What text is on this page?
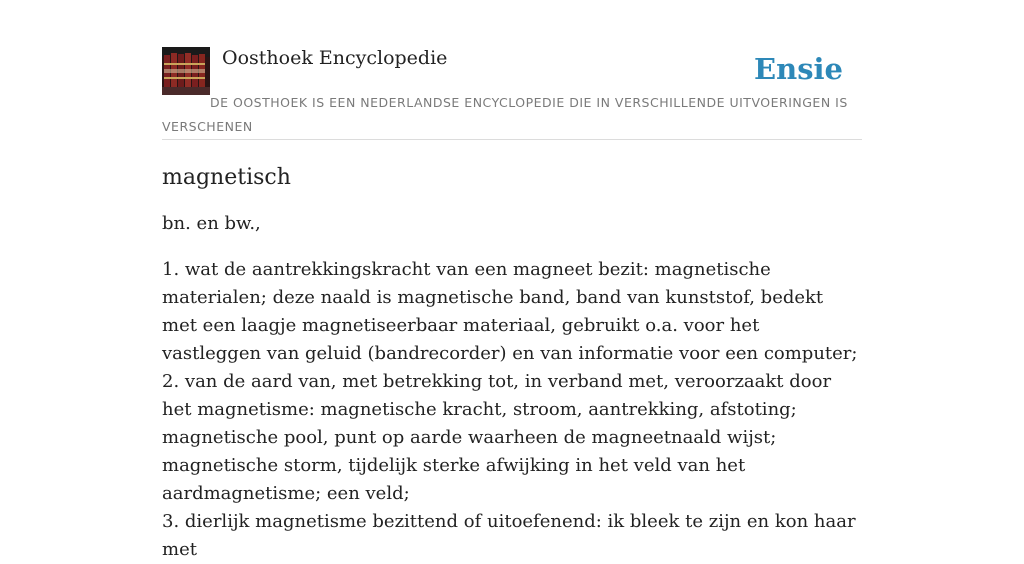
Oosthoek Encyclopedie	Ensie
DE OOSTHOEK IS EEN NEDERLANDSE ENCYCLOPEDIE DIE IN VERSCHILLENDE UITVOERINGEN IS VERSCHENEN
magnetisch

bn. en bw.,

1. wat de aantrekkingskracht van een magneet bezit: magnetische materialen; deze naald is magnetische band, band van kunststof, bedekt met een laagje magnetiseerbaar materiaal, gebruikt o.a. voor het vastleggen van geluid (bandrecorder) en van informatie voor een computer;
2. van de aard van, met betrekking tot, in verband met, veroorzaakt door het magnetisme: magnetische kracht, stroom, aantrekking, afstoting; magnetische pool, punt op aarde waarheen de magneetnaald wijst; magnetische storm, tijdelijk sterke afwijking in het veld van het aardmagnetisme; een veld;
3. dierlijk magnetisme bezittend of uitoefenend: ik bleek te zijn en kon haar met
